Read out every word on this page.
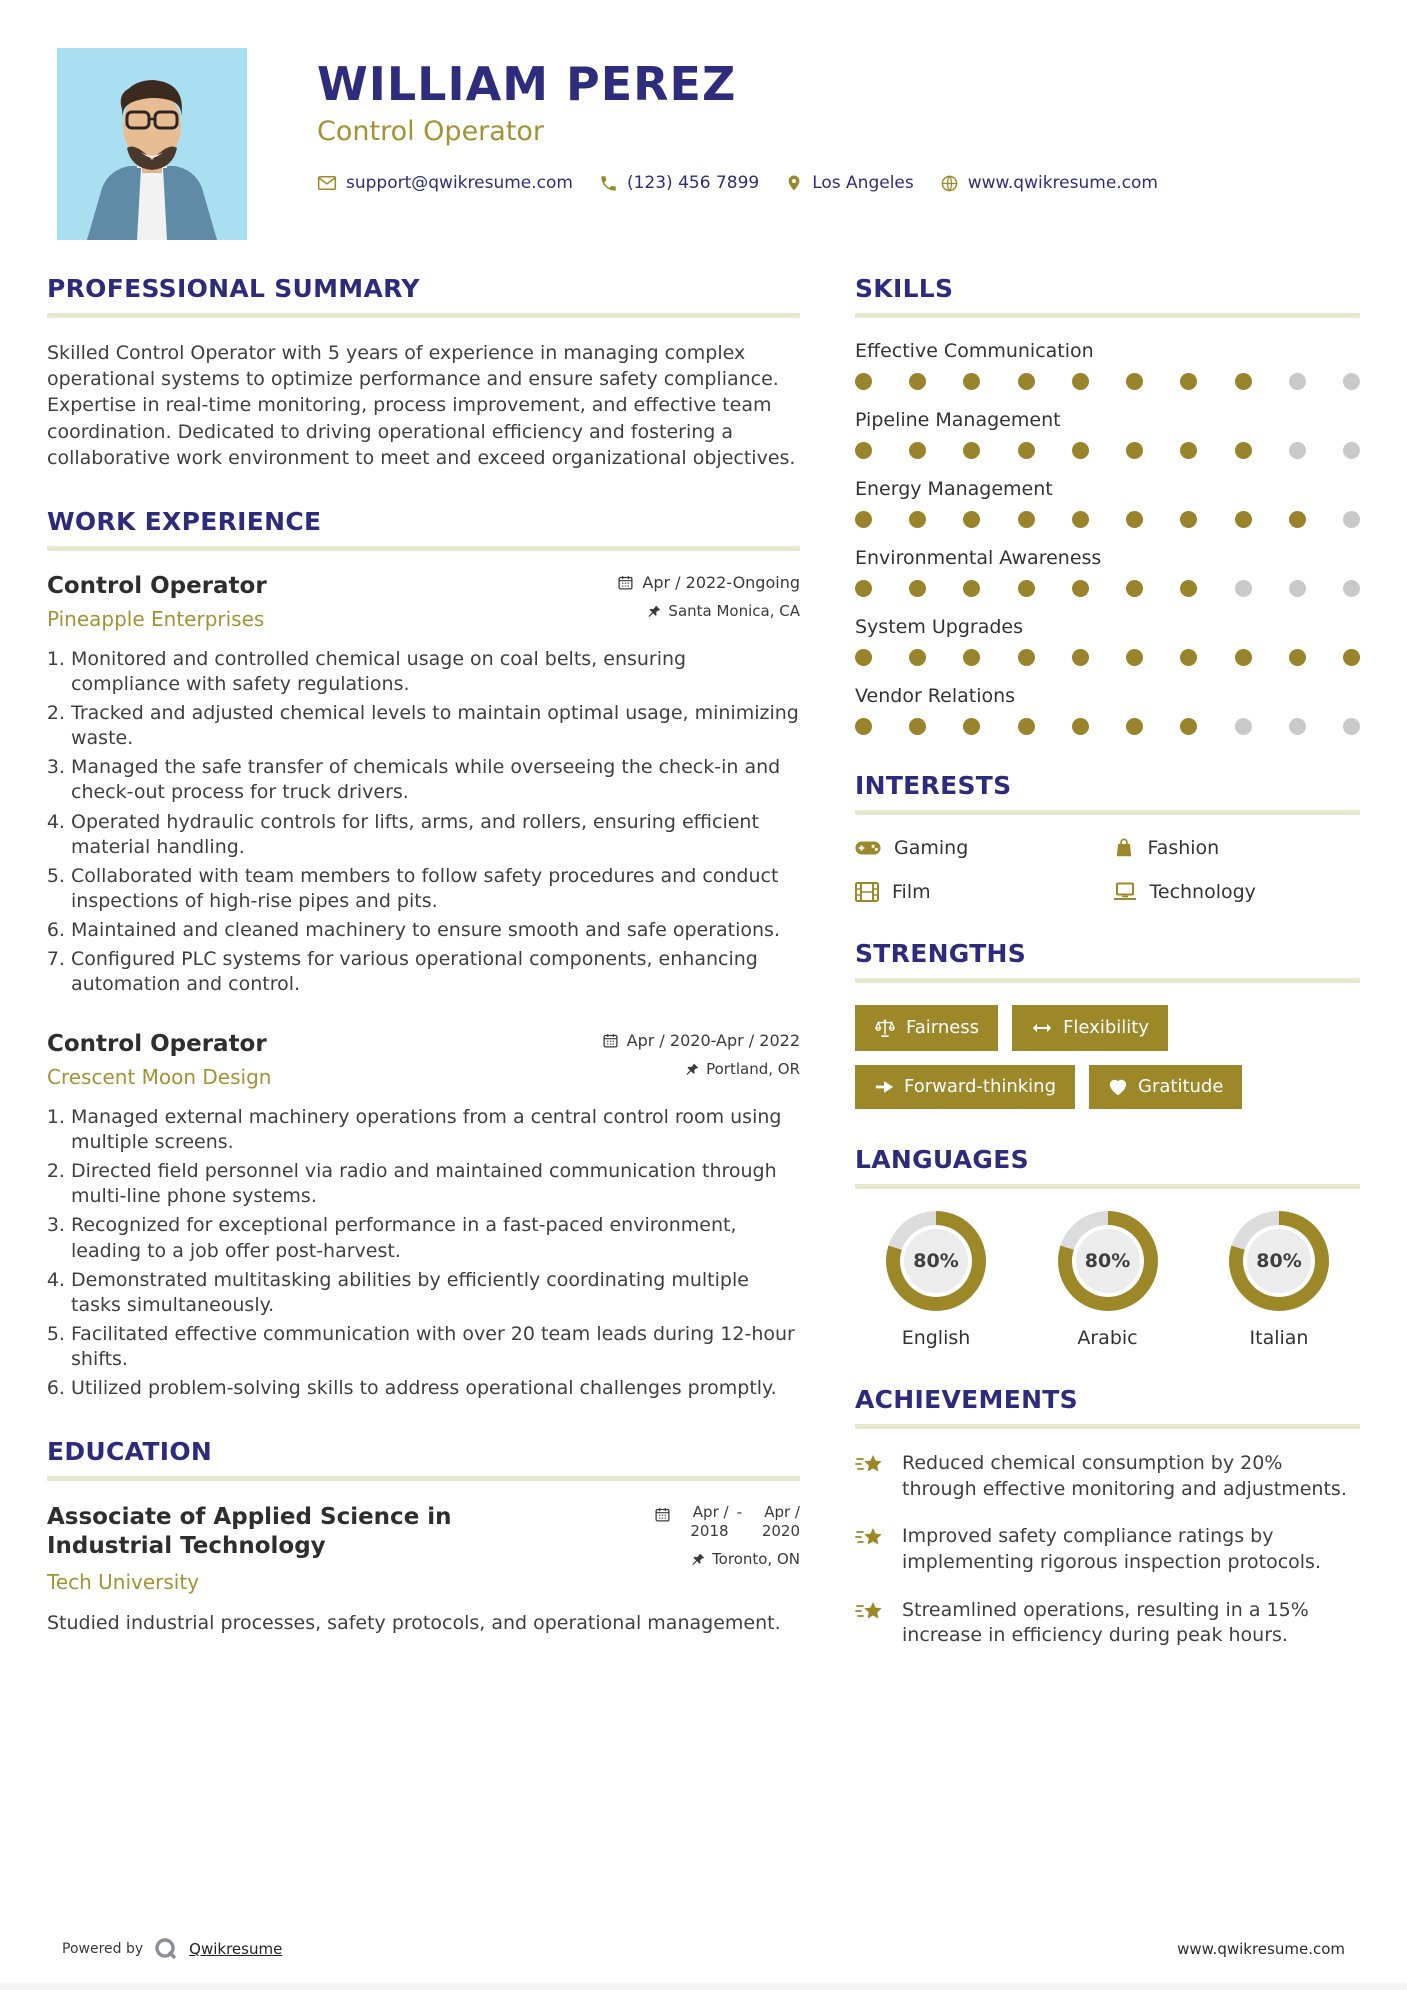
WILLIAM PEREZ
Control Operator
support@qwikresume.com	(123) 456 7899	Los Angeles	www.qwikresume.com
PROFESSIONAL SUMMARY
Skilled Control Operator with 5 years of experience in managing complex operational systems to optimize performance and ensure safety compliance. Expertise in real-time monitoring, process improvement, and effective team coordination. Dedicated to driving operational efficiency and fostering a collaborative work environment to meet and exceed organizational objectives.
WORK EXPERIENCE
Control Operator
Pineapple Enterprises
Apr / 2022-Ongoing
Santa Monica, CA
1. Monitored and controlled chemical usage on coal belts, ensuring compliance with safety regulations.
2. Tracked and adjusted chemical levels to maintain optimal usage, minimizing waste.
3. Managed the safe transfer of chemicals while overseeing the check-in and check-out process for truck drivers.
4. Operated hydraulic controls for lifts, arms, and rollers, ensuring efficient material handling.
5. Collaborated with team members to follow safety procedures and conduct inspections of high-rise pipes and pits.
6. Maintained and cleaned machinery to ensure smooth and safe operations.
7. Configured PLC systems for various operational components, enhancing automation and control.
Control Operator
Crescent Moon Design
Apr / 2020-Apr / 2022
Portland, OR
1. Managed external machinery operations from a central control room using multiple screens.
2. Directed field personnel via radio and maintained communication through multi-line phone systems.
3. Recognized for exceptional performance in a fast-paced environment, leading to a job offer post-harvest.
4. Demonstrated multitasking abilities by efficiently coordinating multiple tasks simultaneously.
5. Facilitated effective communication with over 20 team leads during 12-hour shifts.
6. Utilized problem-solving skills to address operational challenges promptly.
EDUCATION
Associate of Applied Science in Industrial Technology
Tech University
Apr / 2018
-	Apr / 2020
Toronto, ON
Studied industrial processes, safety protocols, and operational management.
SKILLS
Effective Communication
Pipeline Management
Energy Management
Environmental Awareness
System Upgrades
Vendor Relations
INTERESTS
Gaming	Fashion
Film	Technology
STRENGTHS
Fairness	Flexibility
Forward-thinking	Gratitude
LANGUAGES
80%
English
80%
Arabic
80%
Italian
ACHIEVEMENTS
Reduced chemical consumption by 20% through effective monitoring and adjustments.
Improved safety compliance ratings by implementing rigorous inspection protocols.
Streamlined operations, resulting in a 15% increase in efficiency during peak hours.
Powered by	Qwikresume	www.qwikresume.com
